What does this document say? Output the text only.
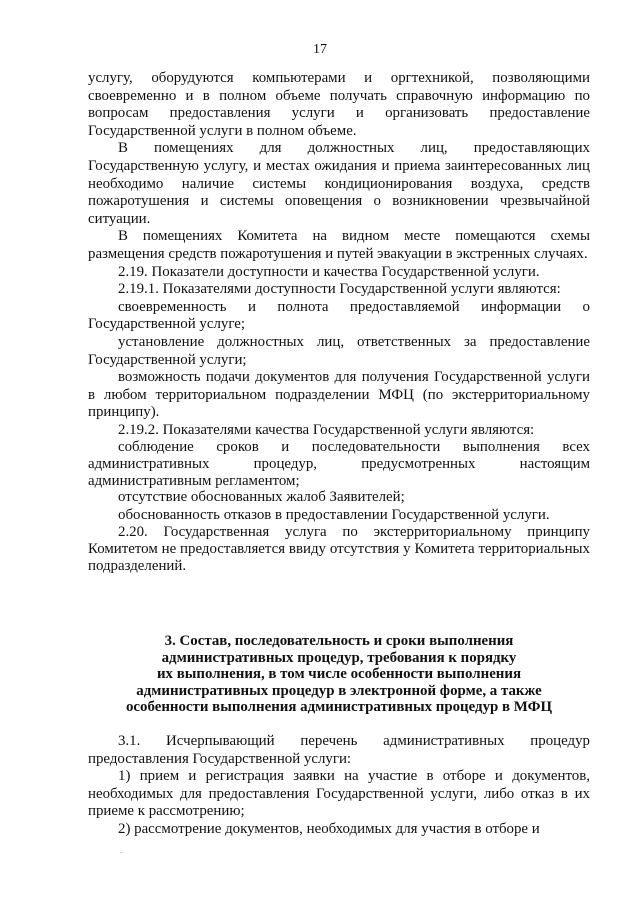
17

услугу, оборудуются компьютерами и оргтехникой, позволяющими своевременно и в полном объеме получать справочную информацию по вопросам предоставления услуги и организовать предоставление Государственной услуги в полном объеме.

В помещениях для должностных лиц, предоставляющих Государственную услугу, и местах ожидания и приема заинтересованных лиц необходимо наличие системы кондиционирования воздуха, средств пожаротушения и системы оповещения о возникновении чрезвычайной ситуации.

В помещениях Комитета на видном месте помещаются схемы размещения средств пожаротушения и путей эвакуации в экстренных случаях.

2.19. Показатели доступности и качества Государственной услуги.

2.19.1. Показателями доступности Государственной услуги являются:

своевременность и полнота предоставляемой информации о Государственной услуге;

установление должностных лиц, ответственных за предоставление Государственной услуги;

возможность подачи документов для получения Государственной услуги в любом территориальном подразделении МФЦ (по экстерриториальному принципу).

2.19.2. Показателями качества Государственной услуги являются:

соблюдение сроков и последовательности выполнения всех административных процедур, предусмотренных настоящим административным регламентом;

отсутствие обоснованных жалоб Заявителей;

обоснованность отказов в предоставлении Государственной услуги.

2.20. Государственная услуга по экстерриториальному принципу Комитетом не предоставляется ввиду отсутствия у Комитета территориальных подразделений.

3. Состав, последовательность и сроки выполнения
административных процедур, требования к порядку
их выполнения, в том числе особенности выполнения
административных процедур в электронной форме, а также
особенности выполнения административных процедур в МФЦ

3.1. Исчерпывающий перечень административных процедур предоставления Государственной услуги:

1) прием и регистрация заявки на участие в отборе и документов, необходимых для предоставления Государственной услуги, либо отказ в их приеме к рассмотрению;

2) рассмотрение документов, необходимых для участия в отборе и
